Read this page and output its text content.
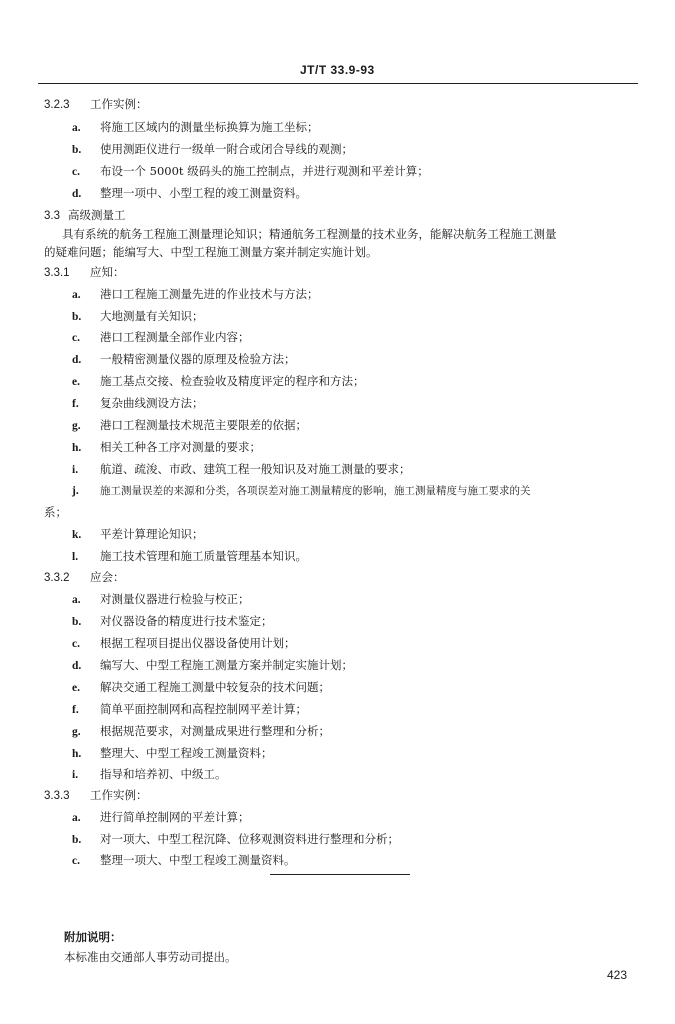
JT/T 33.9-93
3.2.3 工作实例：
a. 将施工区域内的测量坐标换算为施工坐标；
b. 使用测距仪进行一级单一附合或闭合导线的观测；
c. 布设一个 5000t 级码头的施工控制点，并进行观测和平差计算；
d. 整理一项中、小型工程的竣工测量资料。
3.3 高级测量工
具有系统的航务工程施工测量理论知识；精通航务工程测量的技术业务，能解决航务工程施工测量
的疑难问题；能编写大、中型工程施工测量方案并制定实施计划。
3.3.1 应知：
a. 港口工程施工测量先进的作业技术与方法；
b. 大地测量有关知识；
c. 港口工程测量全部作业内容；
d. 一般精密测量仪器的原理及检验方法；
e. 施工基点交接、检查验收及精度评定的程序和方法；
f. 复杂曲线测设方法；
g. 港口工程测量技术规范主要限差的依据；
h. 相关工种各工序对测量的要求；
i. 航道、疏浚、市政、建筑工程一般知识及对施工测量的要求；
j. 施工测量误差的来源和分类，各项误差对施工测量精度的影响，施工测量精度与施工要求的关
系；
k. 平差计算理论知识；
l. 施工技术管理和施工质量管理基本知识。
3.3.2 应会：
a. 对测量仪器进行检验与校正；
b. 对仪器设备的精度进行技术鉴定；
c. 根据工程项目提出仪器设备使用计划；
d. 编写大、中型工程施工测量方案并制定实施计划；
e. 解决交通工程施工测量中较复杂的技术问题；
f. 简单平面控制网和高程控制网平差计算；
g. 根据规范要求，对测量成果进行整理和分析；
h. 整理大、中型工程竣工测量资料；
i. 指导和培养初、中级工。
3.3.3 工作实例：
a. 进行简单控制网的平差计算；
b. 对一项大、中型工程沉降、位移观测资料进行整理和分析；
c. 整理一项大、中型工程竣工测量资料。
附加说明：
本标准由交通部人事劳动司提出。
423
